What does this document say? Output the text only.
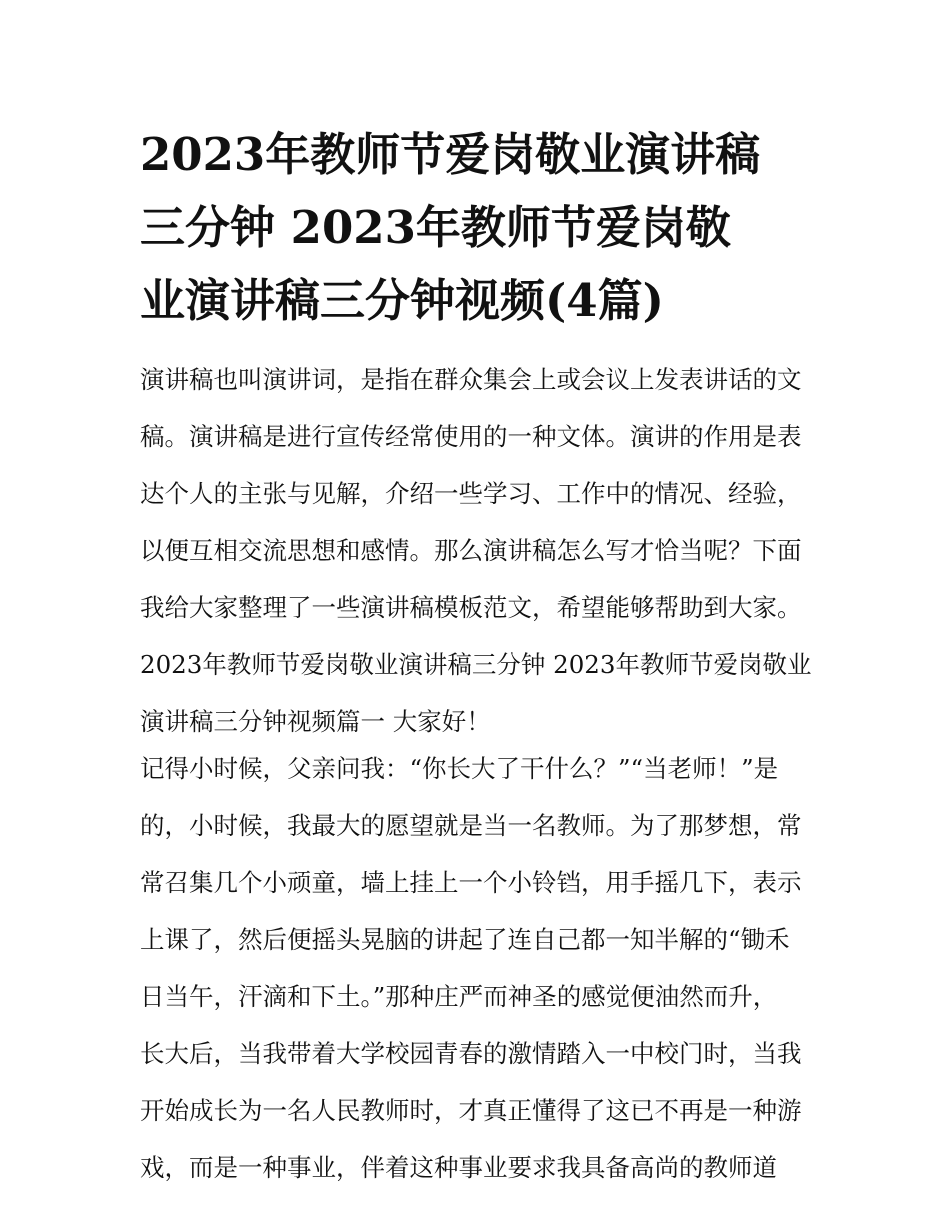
2023年教师节爱岗敬业演讲稿
三分钟 2023年教师节爱岗敬
业演讲稿三分钟视频(4篇)
演讲稿也叫演讲词，是指在群众集会上或会议上发表讲话的文
稿。演讲稿是进行宣传经常使用的一种文体。演讲的作用是表
达个人的主张与见解，介绍一些学习、工作中的情况、经验，
以便互相交流思想和感情。那么演讲稿怎么写才恰当呢？下面
我给大家整理了一些演讲稿模板范文，希望能够帮助到大家。
2023年教师节爱岗敬业演讲稿三分钟 2023年教师节爱岗敬业
演讲稿三分钟视频篇一 大家好！
记得小时候，父亲问我：“你长大了干什么？”“当老师！”是
的，小时候，我最大的愿望就是当一名教师。为了那梦想，常
常召集几个小顽童，墙上挂上一个小铃铛，用手摇几下，表示
上课了，然后便摇头晃脑的讲起了连自己都一知半解的“锄禾
日当午，汗滴和下土。”那种庄严而神圣的感觉便油然而升，
长大后，当我带着大学校园青春的激情踏入一中校门时，当我
开始成长为一名人民教师时，才真正懂得了这已不再是一种游
戏，而是一种事业，伴着这种事业要求我具备高尚的教师道
